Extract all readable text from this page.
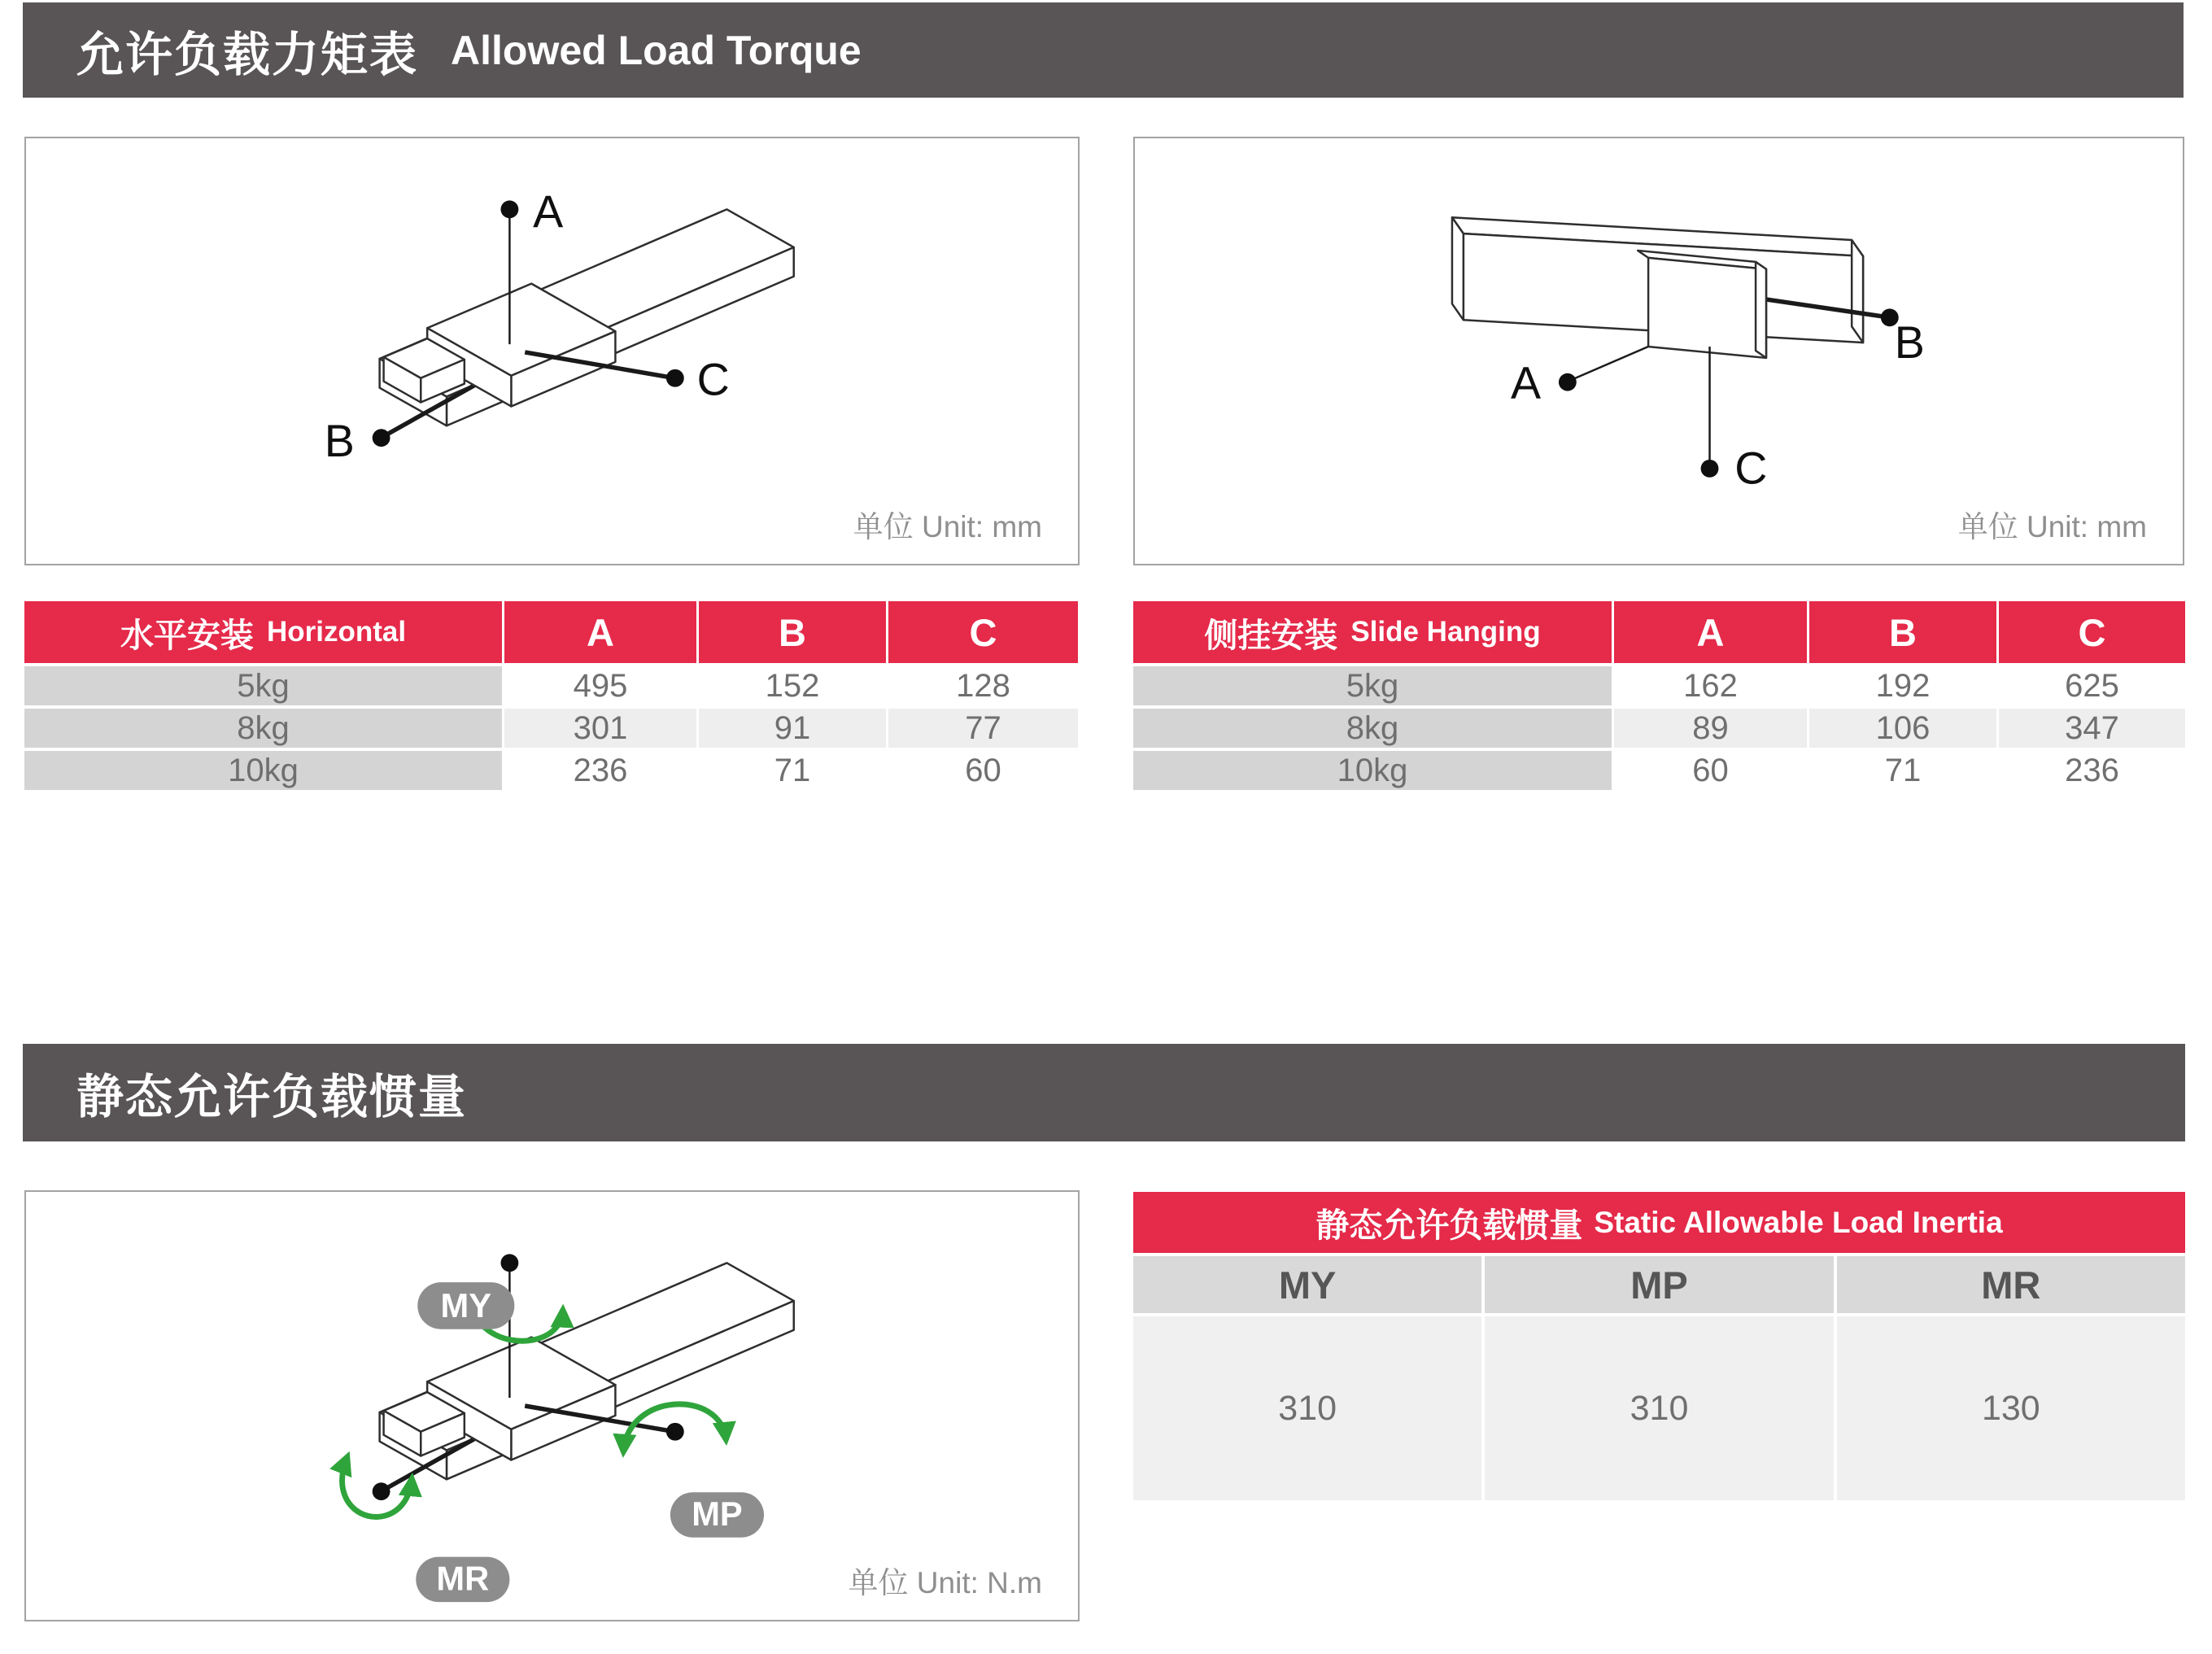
允许负载力矩表 Allowed Load Torque
A
C
B
单位 Unit: mm
A
C
B
单位 Unit: mm
水平安装 Horizontal	A	B	C
5kg	495	152	128
8kg	301	91	77
10kg	236	71	60
侧挂安装 Slide Hanging	A	B	C
5kg	162	192	625
8kg	89	106	347
10kg	60	71	236
静态允许负载惯量
MY
MP
MR	单位 Unit: N.m
静态允许负载惯量 Static Allowable Load Inertia
MY	MP	MR
310	310	130
